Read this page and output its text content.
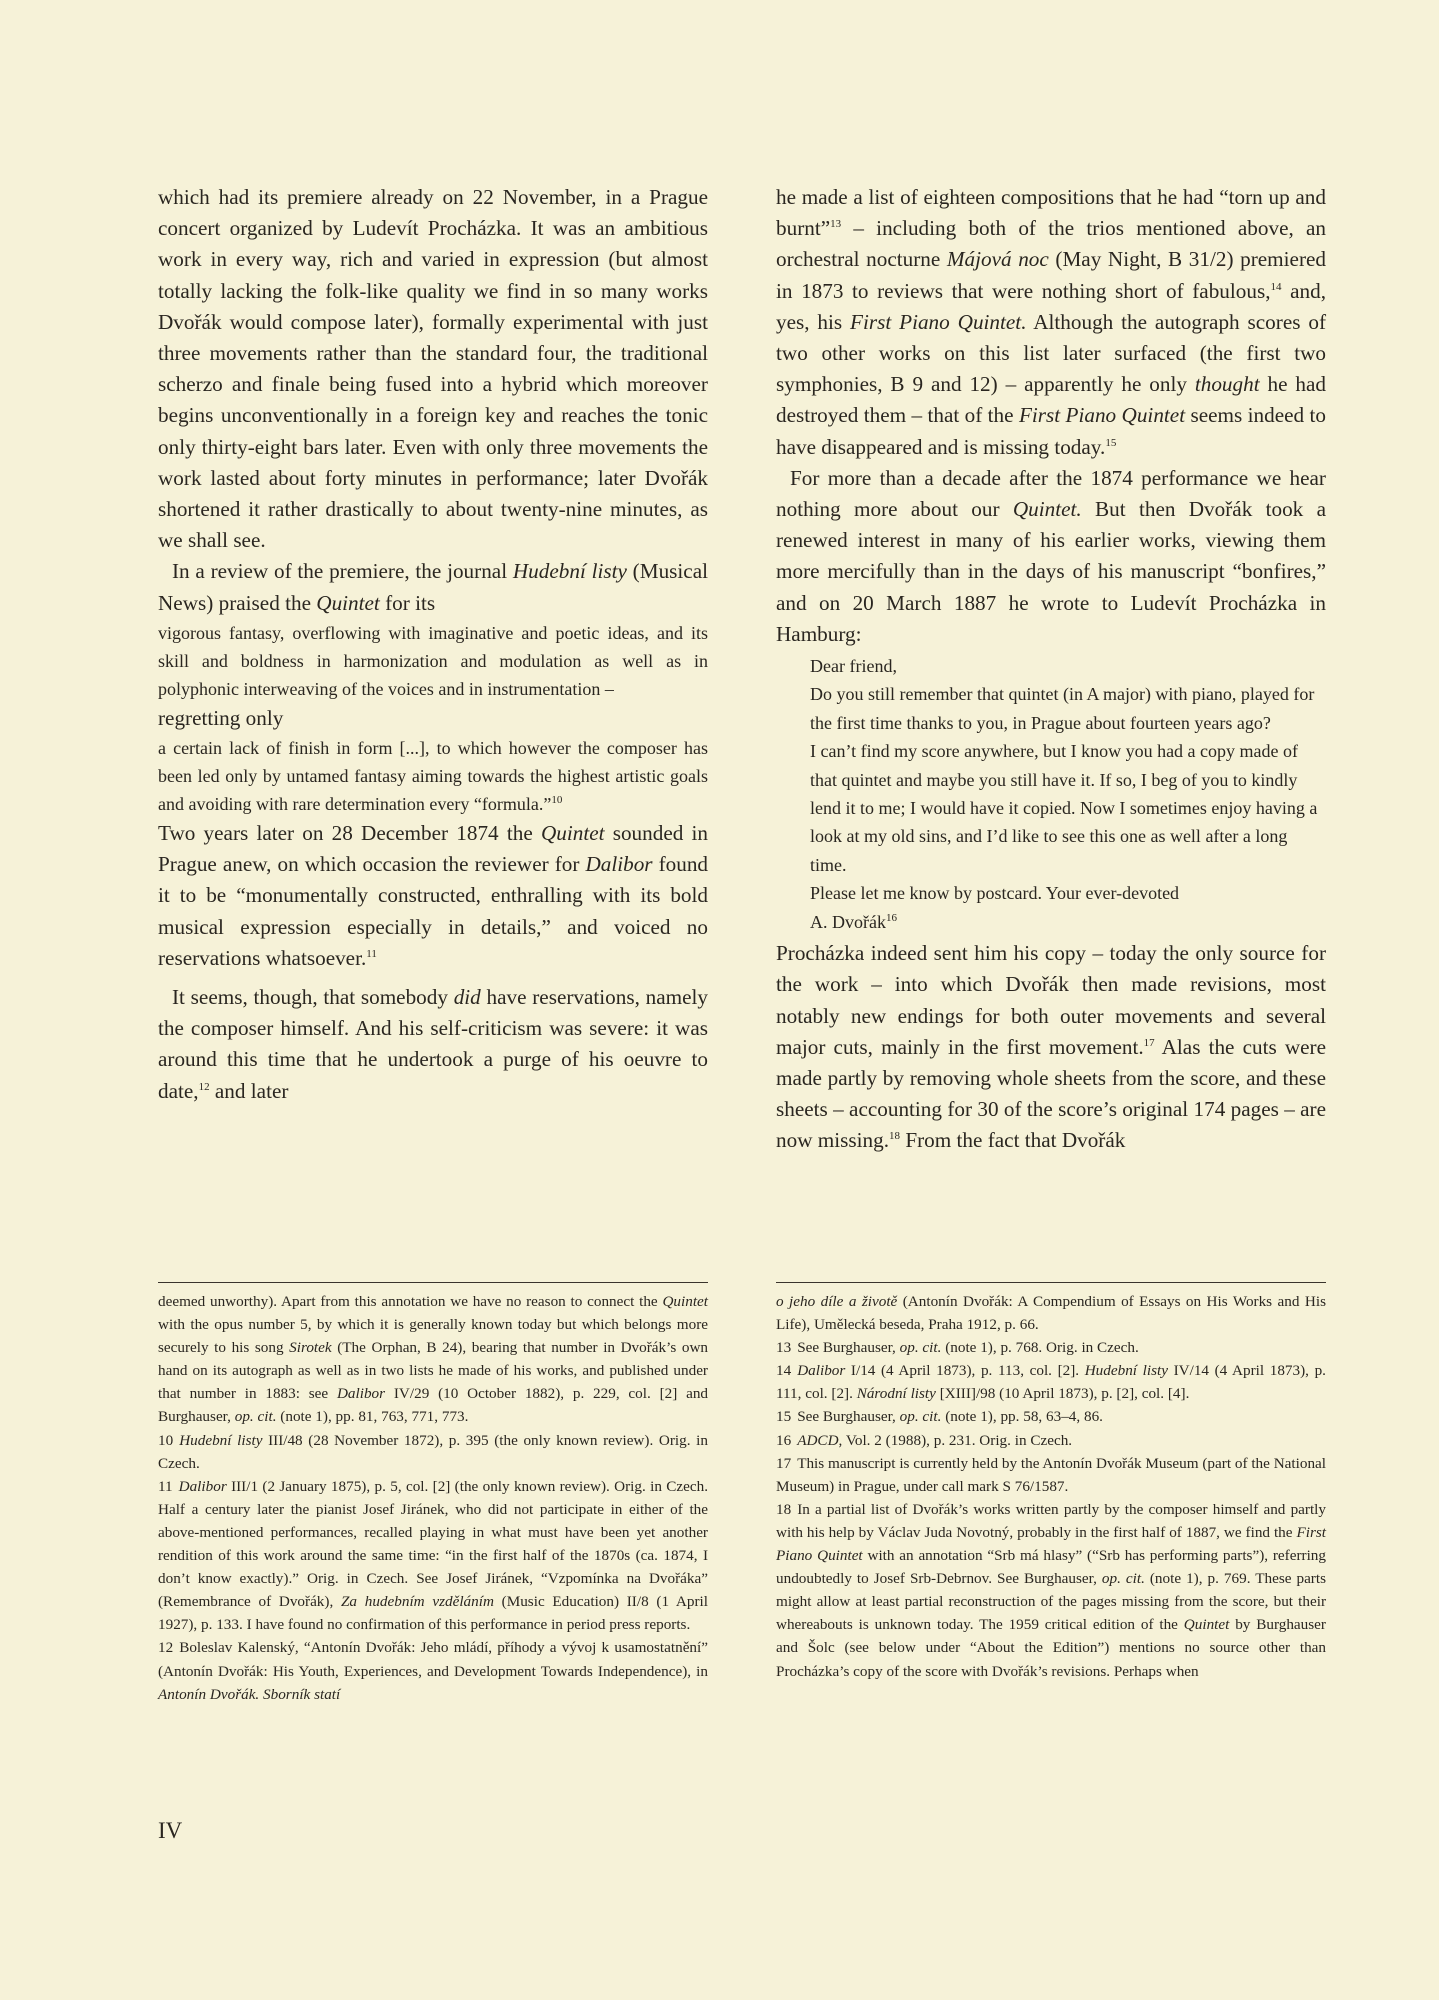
which had its premiere already on 22 November, in a Prague concert organized by Ludevít Procházka. It was an ambitious work in every way, rich and varied in expression (but almost totally lacking the folk-like quality we find in so many works Dvořák would compose later), formally experimental with just three movements rather than the standard four, the traditional scherzo and finale being fused into a hybrid which moreover begins unconventionally in a foreign key and reaches the tonic only thirty-eight bars later. Even with only three movements the work lasted about forty minutes in performance; later Dvořák shortened it rather drastically to about twenty-nine minutes, as we shall see.

In a review of the premiere, the journal Hudební listy (Musical News) praised the Quintet for its

vigorous fantasy, overflowing with imaginative and poetic ideas, and its skill and boldness in harmonization and modulation as well as in polyphonic interweaving of the voices and in instrumentation –

regretting only

a certain lack of finish in form [...], to which however the composer has been led only by untamed fantasy aiming towards the highest artistic goals and avoiding with rare determination every “formula.”$^{10}$

Two years later on 28 December 1874 the Quintet sounded in Prague anew, on which occasion the reviewer for Dalibor found it to be “monumentally constructed, enthralling with its bold musical expression especially in details,” and voiced no reservations whatsoever.$^{11}$

It seems, though, that somebody did have reservations, namely the composer himself. And his self-criticism was severe: it was around this time that he undertook a purge of his oeuvre to date,$^{12}$ and later

he made a list of eighteen compositions that he had “torn up and burnt”$^{13}$ – including both of the trios mentioned above, an orchestral nocturne Májová noc (May Night, B 31/2) premiered in 1873 to reviews that were nothing short of fabulous,$^{14}$ and, yes, his First Piano Quintet. Although the autograph scores of two other works on this list later surfaced (the first two symphonies, B 9 and 12) – apparently he only thought he had destroyed them – that of the First Piano Quintet seems indeed to have disappeared and is missing today.$^{15}$

For more than a decade after the 1874 performance we hear nothing more about our Quintet. But then Dvořák took a renewed interest in many of his earlier works, viewing them more mercifully than in the days of his manuscript “bonfires,” and on 20 March 1887 he wrote to Ludevít Procházka in Hamburg:

Dear friend,

Do you still remember that quintet (in A major) with piano, played for the first time thanks to you, in Prague about fourteen years ago?

I can’t find my score anywhere, but I know you had a copy made of that quintet and maybe you still have it. If so, I beg of you to kindly lend it to me; I would have it copied. Now I sometimes enjoy having a look at my old sins, and I’d like to see this one as well after a long time.

Please let me know by postcard. Your ever-devoted

A. Dvořák$^{16}$

Procházka indeed sent him his copy – today the only source for the work – into which Dvořák then made revisions, most notably new endings for both outer movements and several major cuts, mainly in the first movement.$^{17}$ Alas the cuts were made partly by removing whole sheets from the score, and these sheets – accounting for 30 of the score’s original 174 pages – are now missing.$^{18}$ From the fact that Dvořák

deemed unworthy). Apart from this annotation we have no reason to connect the Quintet with the opus number 5, by which it is generally known today but which belongs more securely to his song Sirotek (The Orphan, B 24), bearing that number in Dvořák’s own hand on its autograph as well as in two lists he made of his works, and published under that number in 1883: see Dalibor IV/29 (10 October 1882), p. 229, col. [2] and Burghauser, op. cit. (note 1), pp. 81, 763, 771, 773.

10 Hudební listy III/48 (28 November 1872), p. 395 (the only known review). Orig. in Czech.

11 Dalibor III/1 (2 January 1875), p. 5, col. [2] (the only known review). Orig. in Czech. Half a century later the pianist Josef Jiránek, who did not participate in either of the above-mentioned performances, recalled playing in what must have been yet another rendition of this work around the same time: “in the first half of the 1870s (ca. 1874, I don’t know exactly).” Orig. in Czech. See Josef Jiránek, “Vzpomínka na Dvořáka” (Remembrance of Dvořák), Za hudebním vzděláním (Music Education) II/8 (1 April 1927), p. 133. I have found no confirmation of this performance in period press reports.

12 Boleslav Kalenský, “Antonín Dvořák: Jeho mládí, příhody a vývoj k usamostatnění” (Antonín Dvořák: His Youth, Experiences, and Development Towards Independence), in Antonín Dvořák. Sborník statí

o jeho díle a životě (Antonín Dvořák: A Compendium of Essays on His Works and His Life), Umělecká beseda, Praha 1912, p. 66.

13 See Burghauser, op. cit. (note 1), p. 768. Orig. in Czech.

14 Dalibor I/14 (4 April 1873), p. 113, col. [2]. Hudební listy IV/14 (4 April 1873), p. 111, col. [2]. Národní listy [XIII]/98 (10 April 1873), p. [2], col. [4].

15 See Burghauser, op. cit. (note 1), pp. 58, 63–4, 86.

16 ADCD, Vol. 2 (1988), p. 231. Orig. in Czech.

17 This manuscript is currently held by the Antonín Dvořák Museum (part of the National Museum) in Prague, under call mark S 76/1587.

18 In a partial list of Dvořák’s works written partly by the composer himself and partly with his help by Václav Juda Novotný, probably in the first half of 1887, we find the First Piano Quintet with an annotation “Srb má hlasy” (“Srb has performing parts”), referring undoubtedly to Josef Srb-Debrnov. See Burghauser, op. cit. (note 1), p. 769. These parts might allow at least partial reconstruction of the pages missing from the score, but their whereabouts is unknown today. The 1959 critical edition of the Quintet by Burghauser and Šolc (see below under “About the Edition”) mentions no source other than Procházka’s copy of the score with Dvořák’s revisions. Perhaps when

IV
